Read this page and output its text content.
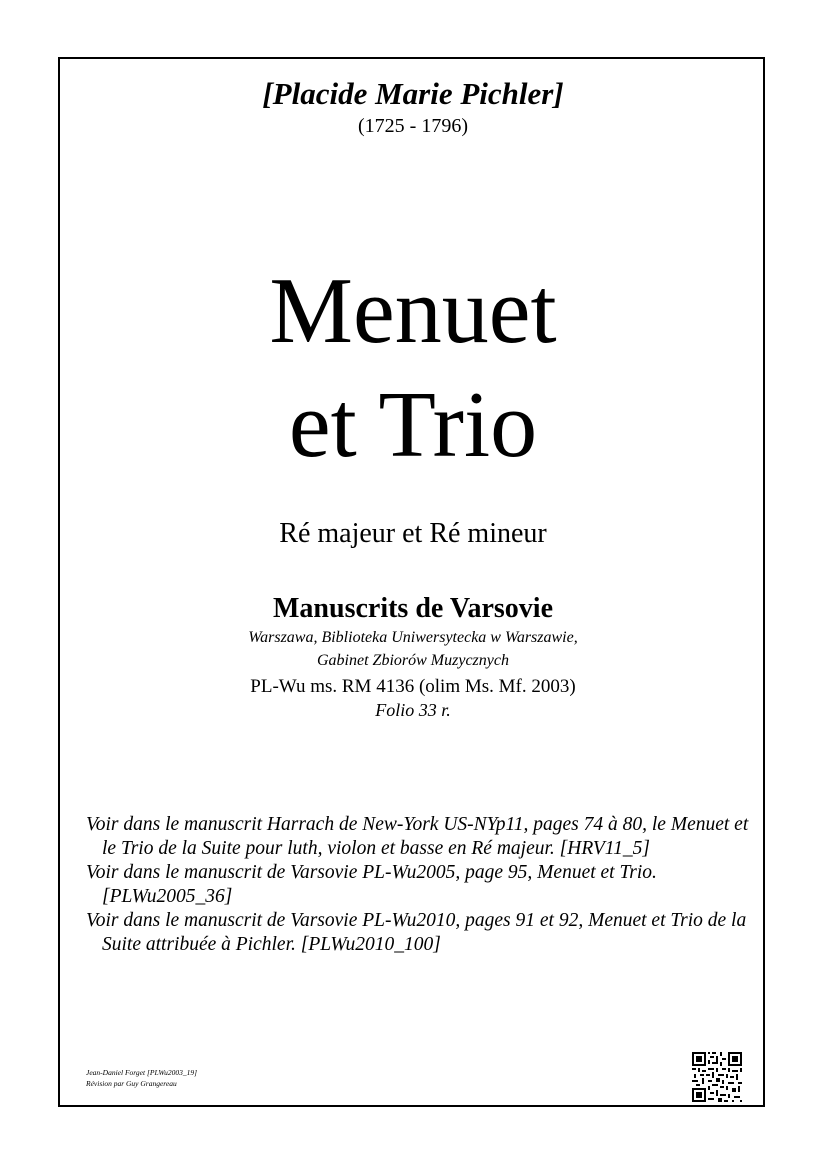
[Placide Marie Pichler]
(1725 - 1796)
Menuet
et Trio
Ré majeur et Ré mineur
Manuscrits de Varsovie
Warszawa, Biblioteka Uniwersytecka w Warszawie,
Gabinet Zbiorów Muzycznych
PL-Wu ms. RM 4136 (olim Ms. Mf. 2003)
Folio 33 r.

Voir dans le manuscrit Harrach de New-York US-NYp11, pages 74 à 80, le Menuet et le Trio de la Suite pour luth, violon et basse en Ré majeur. [HRV11_5]

Voir dans le manuscrit de Varsovie PL-Wu2005, page 95, Menuet et Trio. [PLWu2005_36]

Voir dans le manuscrit de Varsovie PL-Wu2010, pages 91 et 92, Menuet et Trio de la Suite attribuée à Pichler. [PLWu2010_100]

Jean-Daniel Forget [PLWu2003_19]
Révision par Guy Grangereau
